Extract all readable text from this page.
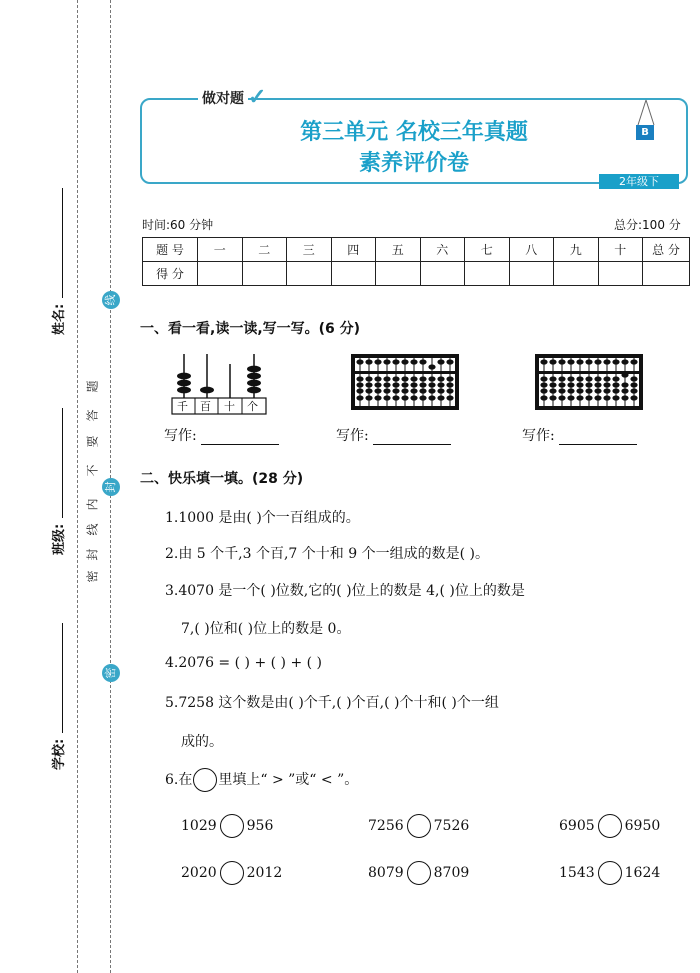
姓名:
班级:
学校:
密
封
线
内
不
要
答
题
线
封
密
做对题 ✓
第三单元 名校三年真题
素养评价卷
B
2年级下
时间:60 分钟	总分:100 分
题 号	一	二	三	四	五	六	七	八	九	十	总 分
得 分											
一、看一看,读一读,写一写。(6 分)
千 百 十 个
写作:	写作:	写作:
二、快乐填一填。(28 分)
1.1000 是由( )个一百组成的。
2.由 5 个千,3 个百,7 个十和 9 个一组成的数是( )。
3.4070 是一个( )位数,它的( )位上的数是 4,( )位上的数是
7,( )位和( )位上的数是 0。
4.2076 = ( ) + ( ) + ( )
5.7258 这个数是由( )个千,( )个百,( )个十和( )个一组
成的。
6.在 里填上“ > ”或“ < ”。
1029 956	7256 7526	6905 6950
2020 2012	8079 8709	1543 1624
